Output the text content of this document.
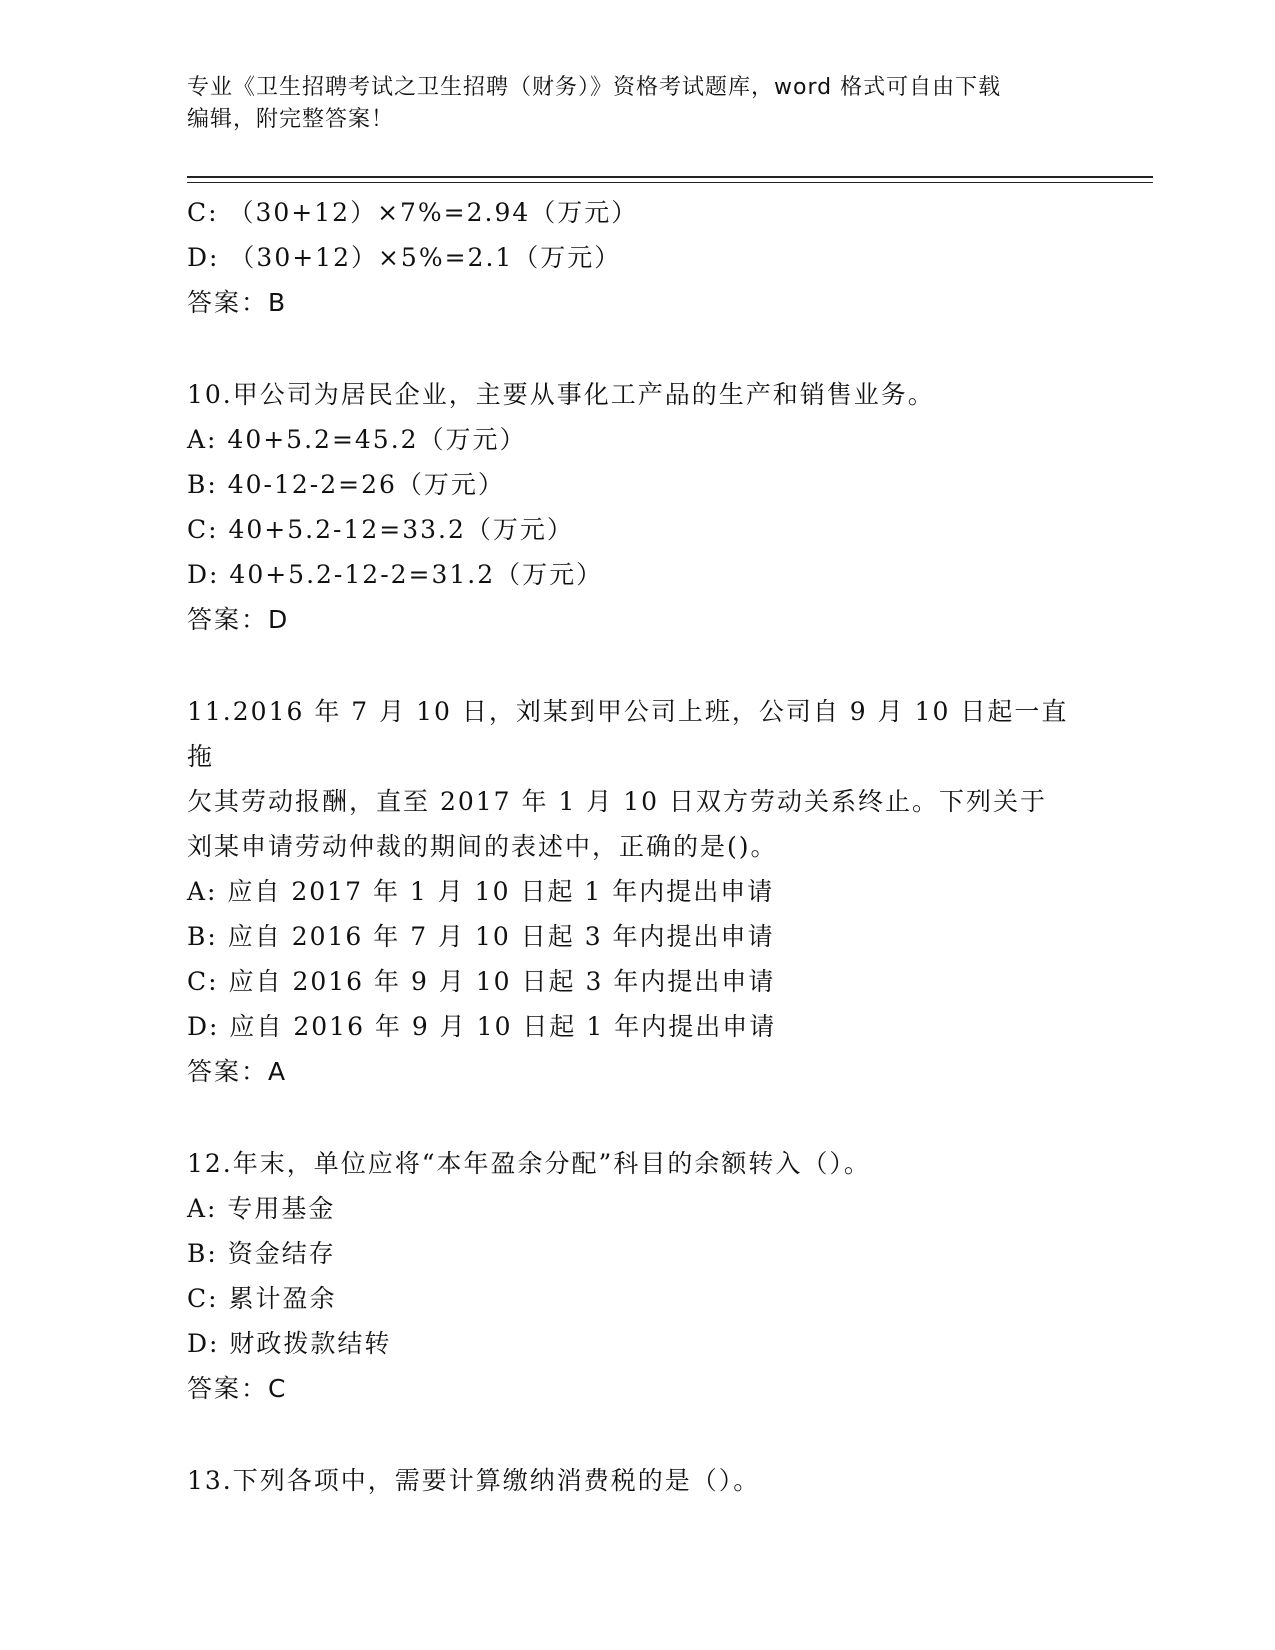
专业《卫生招聘考试之卫生招聘（财务）》资格考试题库，word 格式可自由下载
编辑，附完整答案！
C: （30+12）×7%=2.94（万元）
D: （30+12）×5%=2.1（万元）
答案：B
10.甲公司为居民企业，主要从事化工产品的生产和销售业务。
A: 40+5.2=45.2（万元）
B: 40-12-2=26（万元）
C: 40+5.2-12=33.2（万元）
D: 40+5.2-12-2=31.2（万元）
答案：D
11.2016 年 7 月 10 日，刘某到甲公司上班，公司自 9 月 10 日起一直拖
欠其劳动报酬，直至 2017 年 1 月 10 日双方劳动关系终止。下列关于
刘某申请劳动仲裁的期间的表述中，正确的是()。
A: 应自 2017 年 1 月 10 日起 1 年内提出申请
B: 应自 2016 年 7 月 10 日起 3 年内提出申请
C: 应自 2016 年 9 月 10 日起 3 年内提出申请
D: 应自 2016 年 9 月 10 日起 1 年内提出申请
答案：A
12.年末，单位应将“本年盈余分配”科目的余额转入（）。
A: 专用基金
B: 资金结存
C: 累计盈余
D: 财政拨款结转
答案：C
13.下列各项中，需要计算缴纳消费税的是（）。
